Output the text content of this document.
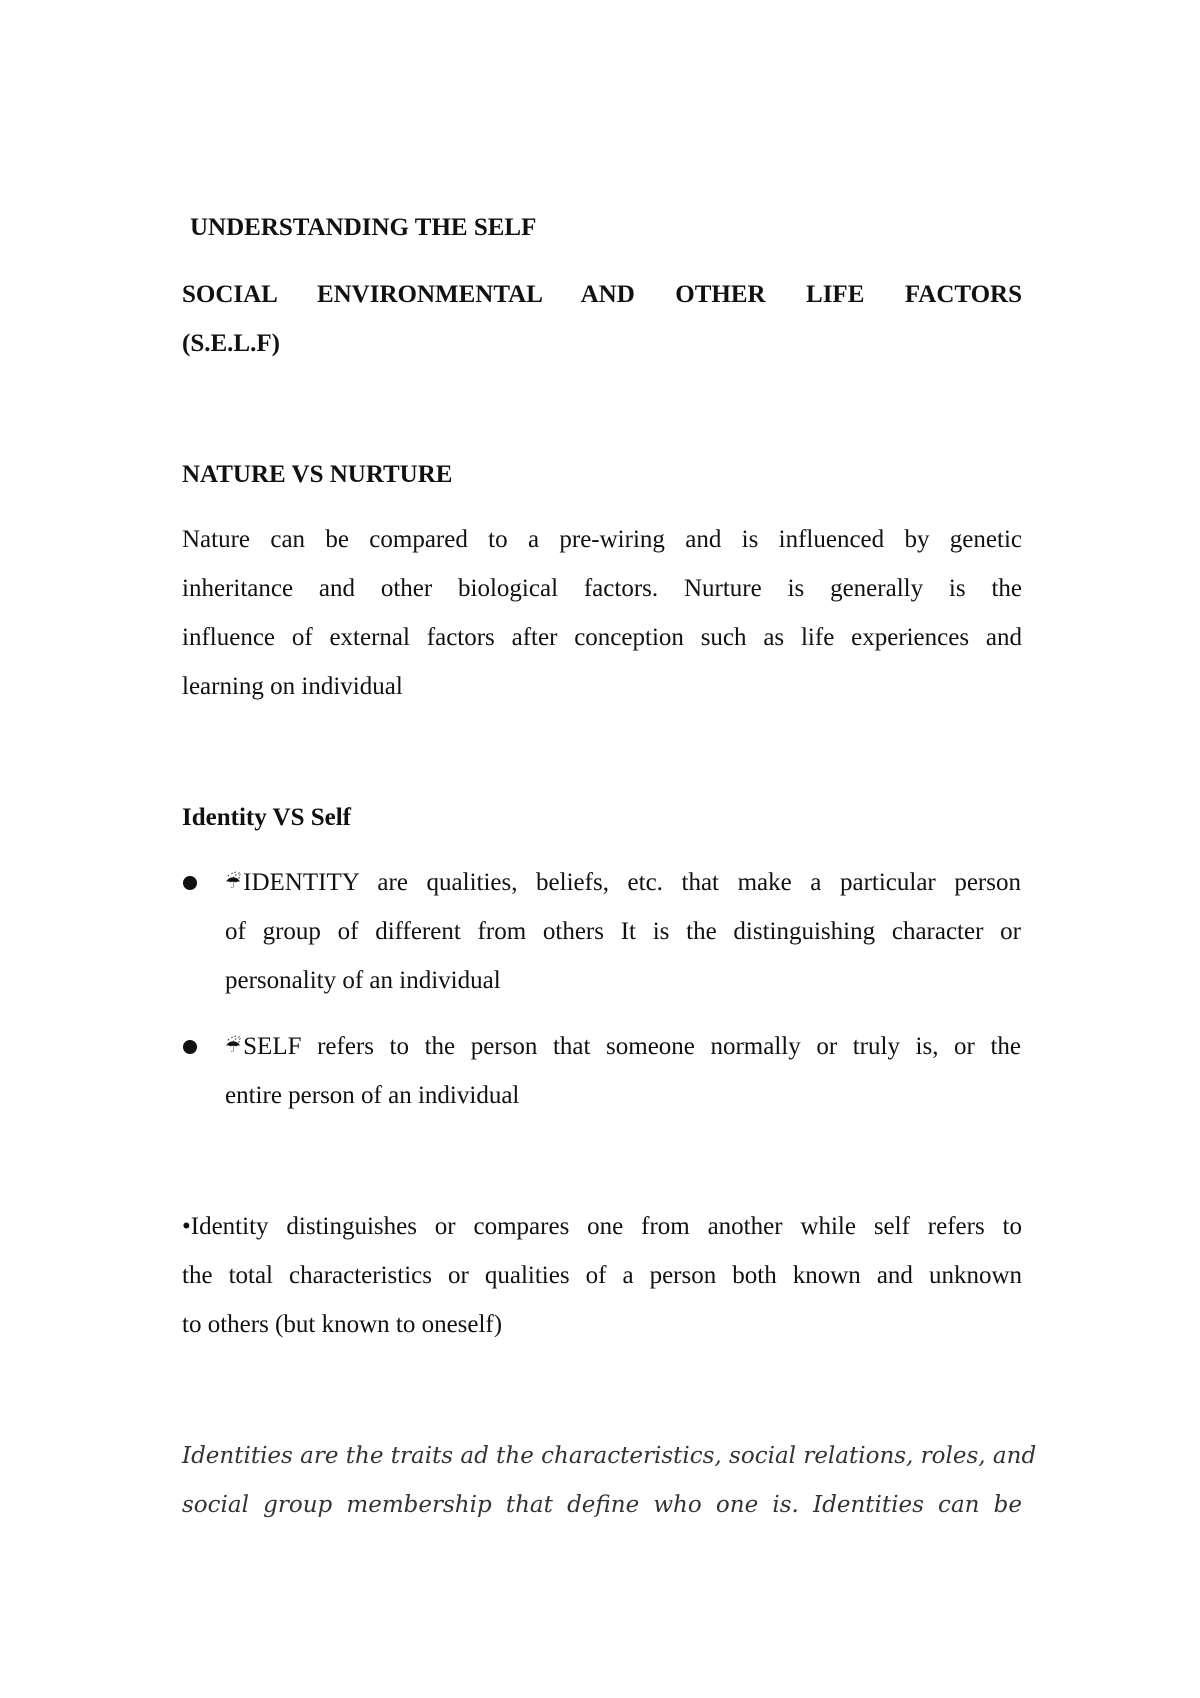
UNDERSTANDING THE SELF
SOCIAL ENVIRONMENTAL AND OTHER LIFE FACTORS
(S.E.L.F)
NATURE VS NURTURE
Nature can be compared to a pre-wiring and is influenced by genetic
inheritance and other biological factors. Nurture is generally is the
influence of external factors after conception such as life experiences and
learning on individual
Identity VS Self
☔IDENTITY are qualities, beliefs, etc. that make a particular person
of group of different from others It is the distinguishing character or
personality of an individual
☔SELF refers to the person that someone normally or truly is, or the
entire person of an individual
•Identity distinguishes or compares one from another while self refers to
the total characteristics or qualities of a person both known and unknown
to others (but known to oneself)
Identities are the traits ad the characteristics, social relations, roles, and
social group membership that define who one is. Identities can be
